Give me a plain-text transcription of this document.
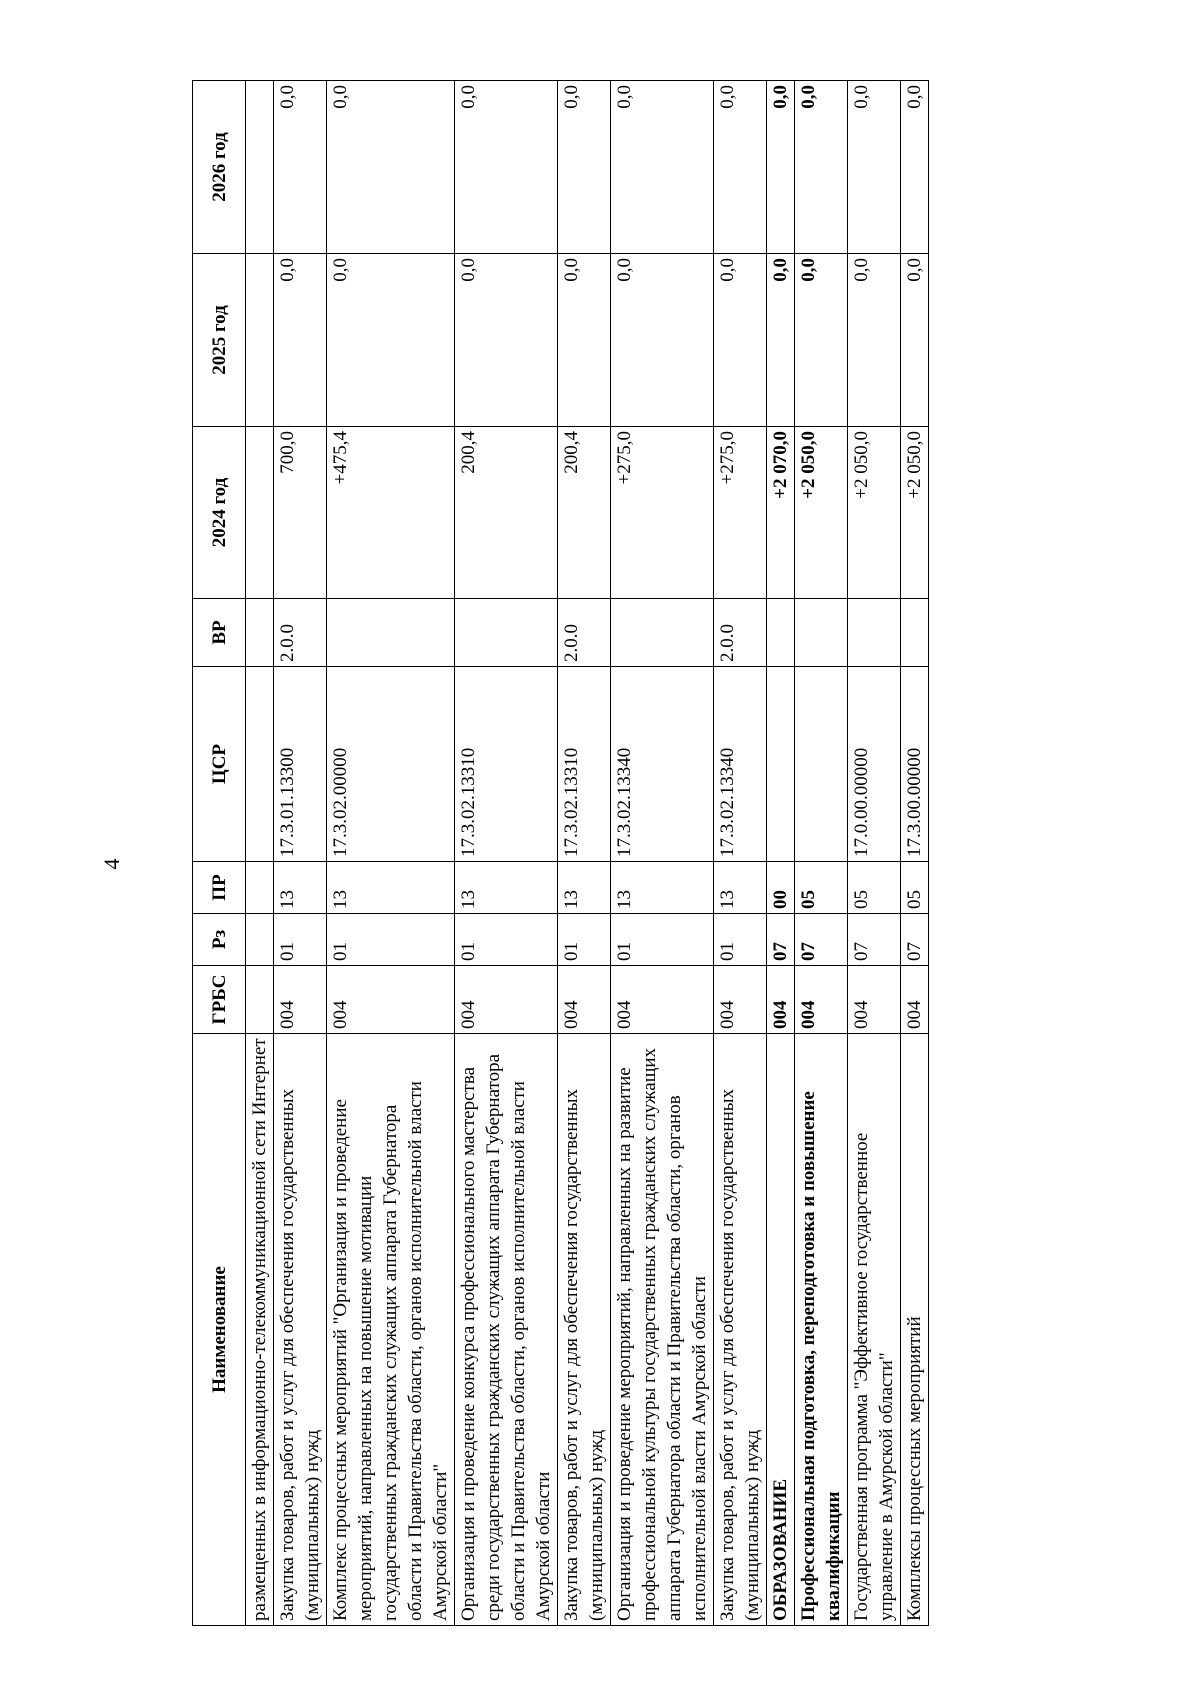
4
Наименование	ГРБС	Рз	ПР	ЦСР	ВР	2024 год	2025 год	2026 год
размещенных в информационно-телекоммуникационной сети Интернет								
Закупка товаров, работ и услуг для обеспечения государственных (муниципальных) нужд	004	01	13	17.3.01.13300	2.0.0	700,0	0,0	0,0
Комплекс процессных мероприятий "Организация и проведение мероприятий, направленных на повышение мотивации государственных гражданских служащих аппарата Губернатора области и Правительства области, органов исполнительной власти Амурской области"	004	01	13	17.3.02.00000		+475,4	0,0	0,0
Организация и проведение конкурса профессионального мастерства среди государственных гражданских служащих аппарата Губернатора области и Правительства области, органов исполнительной власти Амурской области	004	01	13	17.3.02.13310		200,4	0,0	0,0
Закупка товаров, работ и услуг для обеспечения государственных (муниципальных) нужд	004	01	13	17.3.02.13310	2.0.0	200,4	0,0	0,0
Организация и проведение мероприятий, направленных на развитие профессиональной культуры государственных гражданских служащих аппарата Губернатора области и Правительства области, органов исполнительной власти Амурской области	004	01	13	17.3.02.13340		+275,0	0,0	0,0
Закупка товаров, работ и услуг для обеспечения государственных (муниципальных) нужд	004	01	13	17.3.02.13340	2.0.0	+275,0	0,0	0,0
ОБРАЗОВАНИЕ	004	07	00			+2 070,0	0,0	0,0
Профессиональная подготовка, переподготовка и повышение квалификации	004	07	05			+2 050,0	0,0	0,0
Государственная программа "Эффективное государственное управление в Амурской области"	004	07	05	17.0.00.00000		+2 050,0	0,0	0,0
Комплексы процессных мероприятий	004	07	05	17.3.00.00000		+2 050,0	0,0	0,0
